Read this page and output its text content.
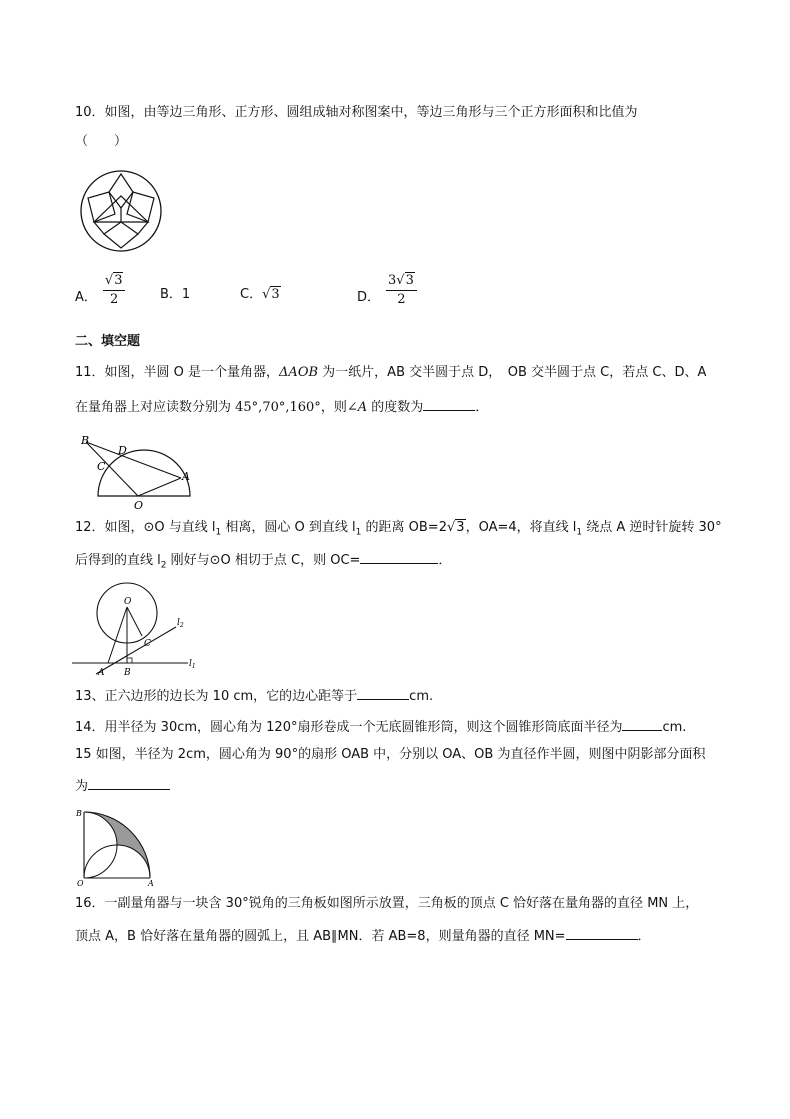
10．如图，由等边三角形、正方形、圆组成轴对称图案中，等边三角形与三个正方形面积和比值为
（　　）
A． $\frac{√3}{2}$	B．1	C．√3	D． $\frac{3√3}{2}$
二、填空题
11．如图，半圆 O 是一个量角器，ΔAOB 为一纸片，AB 交半圆于点 D，　OB 交半圆于点 C，若点 C、D、A
在量角器上对应读数分别为 45°,70°,160°，则∠A 的度数为	．
B
D
C
O
A
12．如图，⊙O 与直线 $l_1$ 相离，圆心 O 到直线 $l_1$ 的距离 OB=2√3，OA=4，将直线 $l_1$ 绕点 A 逆时针旋转 30°
后得到的直线 $l_2$ 刚好与⊙O 相切于点 C，则 OC=	．
O
C
A B
$l_2$
$l_1$
13、正六边形的边长为 10 cm，它的边心距等于	cm.
14．用半径为 30cm，圆心角为 120°扇形卷成一个无底圆锥形筒，则这个圆锥形筒底面半径为	cm.
15 如图，半径为 2cm，圆心角为 90°的扇形 OAB 中，分别以 OA、OB 为直径作半圆，则图中阴影部分面积
为
B
O	A
16．一副量角器与一块含 30°锐角的三角板如图所示放置，三角板的顶点 C 恰好落在量角器的直径 MN 上，
顶点 A，B 恰好落在量角器的圆弧上，且 AB∥MN．若 AB=8，则量角器的直径 MN=	．
